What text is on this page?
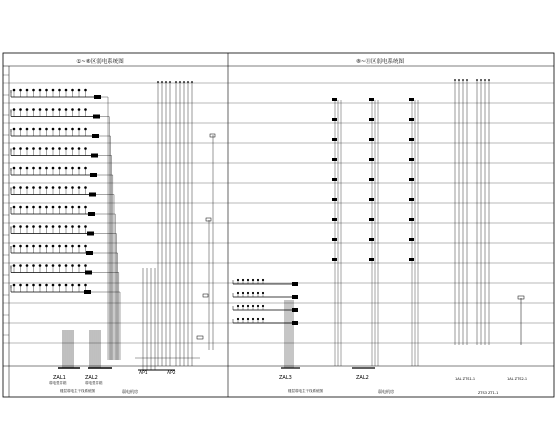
①~⑧区弱电系统图	⑧~⑪区弱电系统图
ZAL1	ZAL2
AP1	AP2
弱电竖井箱	弱电竖井箱
楼层弱电主干线系统图	弱电机房
ZAL3	ZAL2
楼层弱电主干线系统图	弱电机房
1AL ZTS1-1	1AL ZTS2-1
ZTS3 ZT1-1
